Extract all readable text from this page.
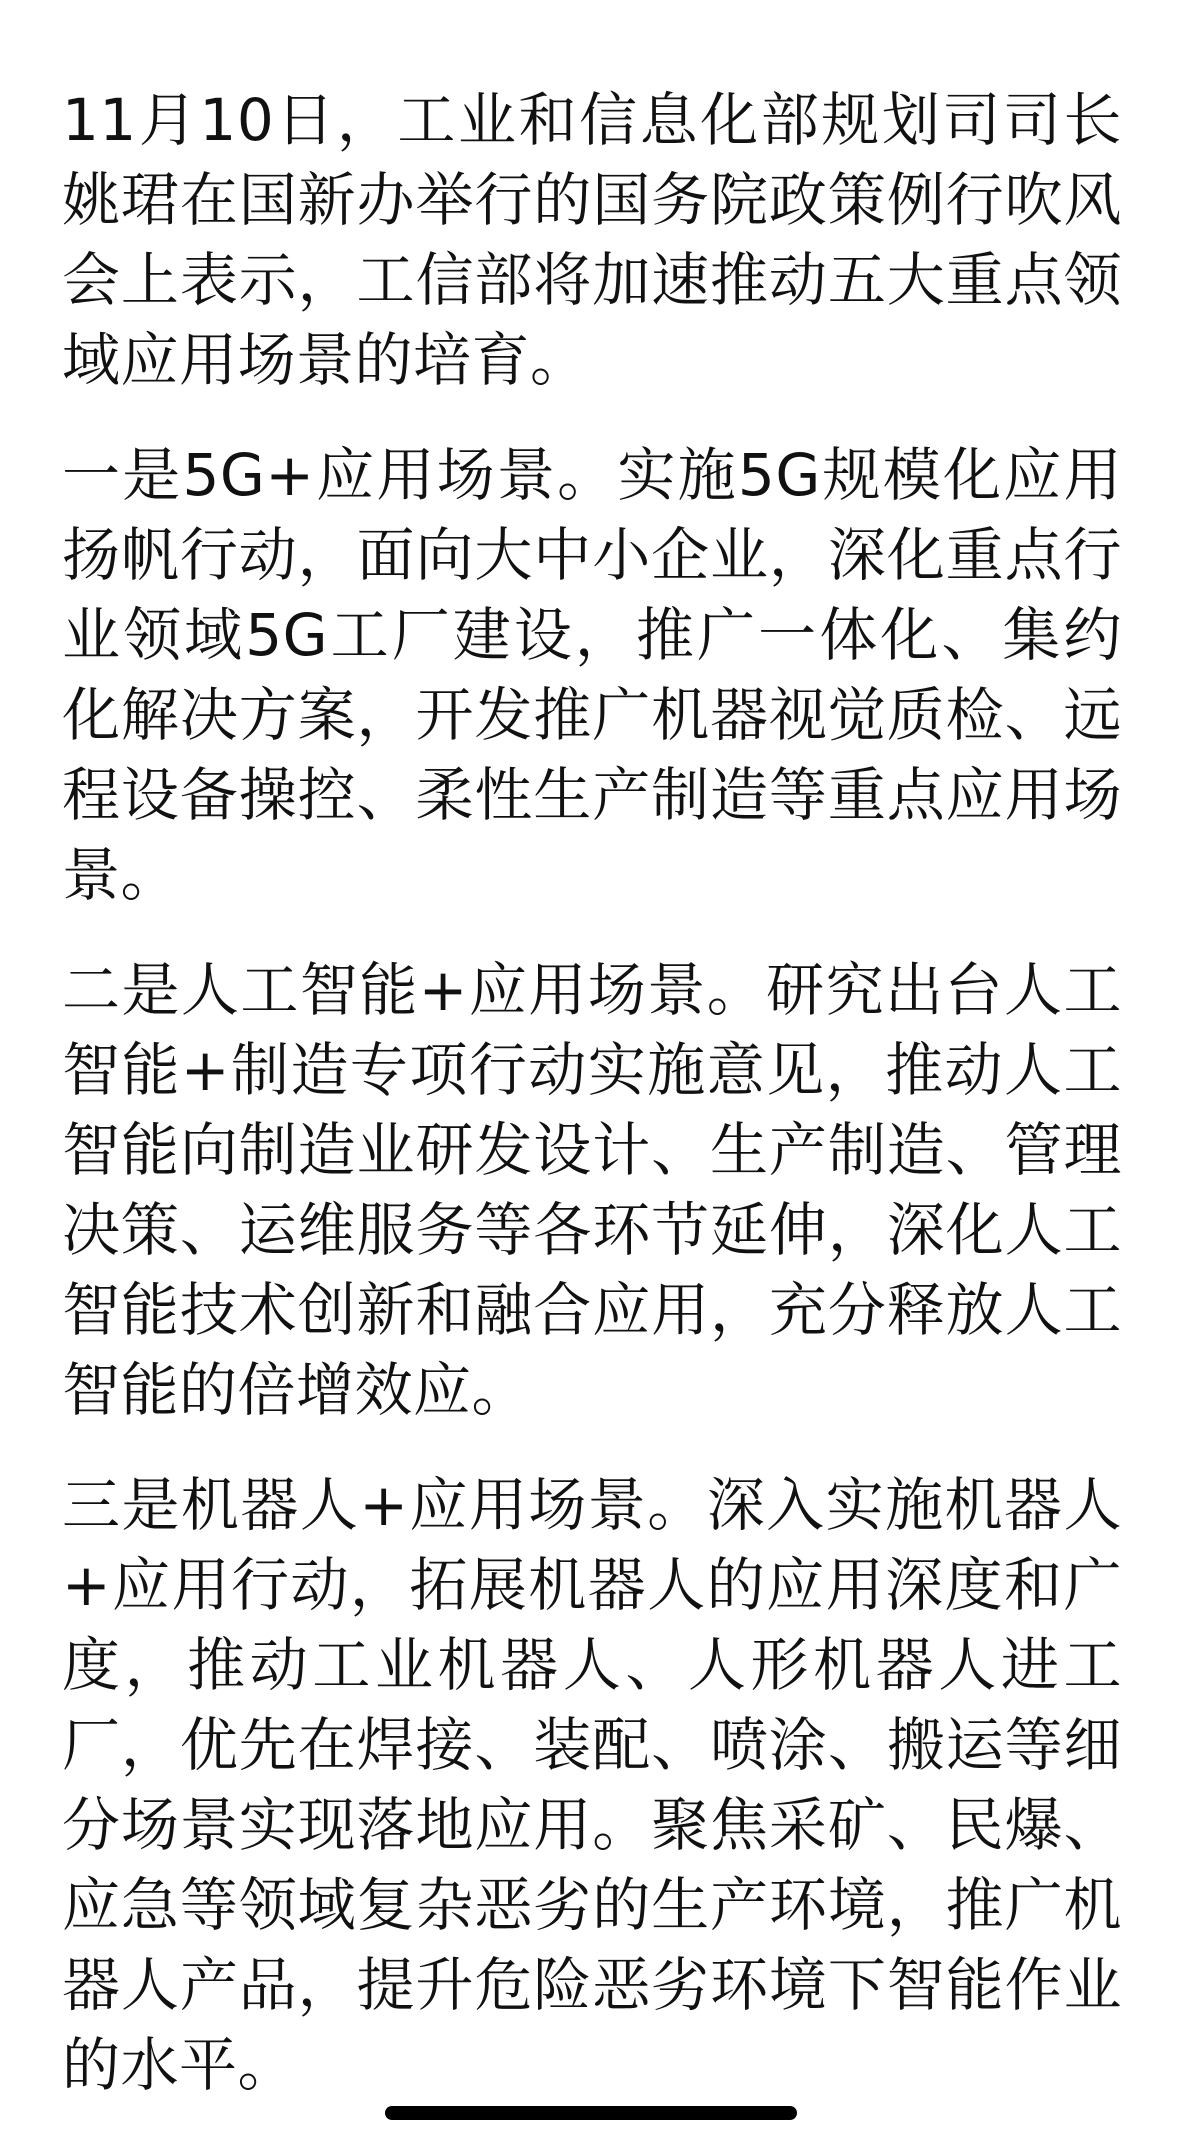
11月10日，工业和信息化部规划司司长姚珺在国新办举行的国务院政策例行吹风会上表示，工信部将加速推动五大重点领域应用场景的培育。

一是5G+应用场景。实施5G规模化应用扬帆行动，面向大中小企业，深化重点行业领域5G工厂建设，推广一体化、集约化解决方案，开发推广机器视觉质检、远程设备操控、柔性生产制造等重点应用场景。

二是人工智能+应用场景。研究出台人工智能+制造专项行动实施意见，推动人工智能向制造业研发设计、生产制造、管理决策、运维服务等各环节延伸，深化人工智能技术创新和融合应用，充分释放人工智能的倍增效应。

三是机器人+应用场景。深入实施机器人+应用行动，拓展机器人的应用深度和广度，推动工业机器人、人形机器人进工厂，优先在焊接、装配、喷涂、搬运等细分场景实现落地应用。聚焦采矿、民爆、应急等领域复杂恶劣的生产环境，推广机器人产品，提升危险恶劣环境下智能作业的水平。
